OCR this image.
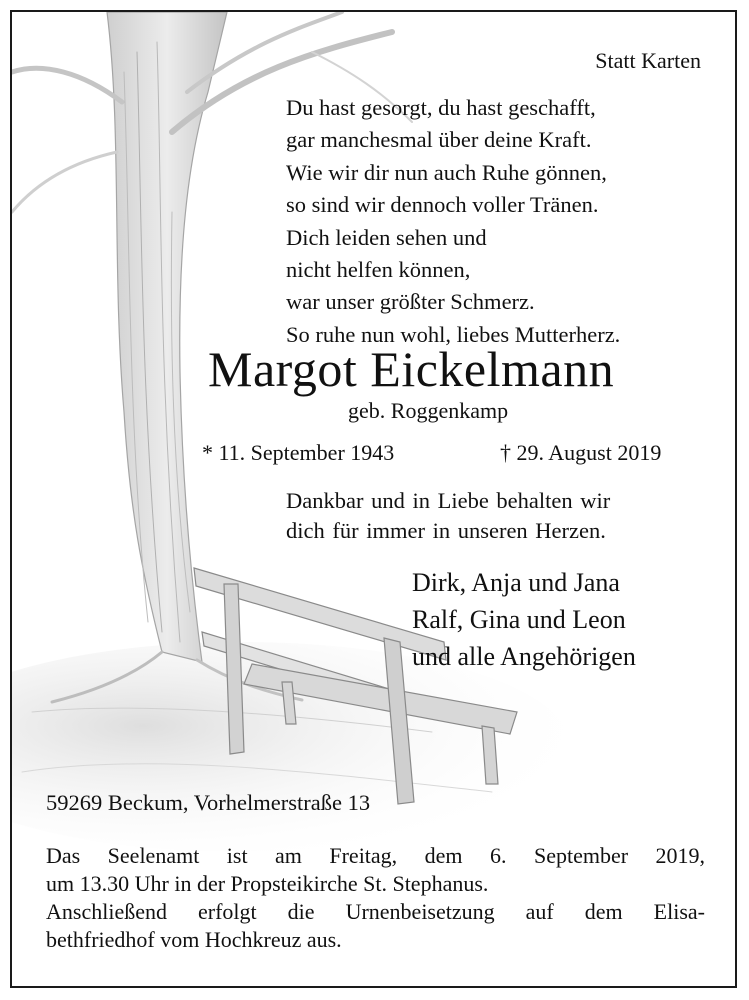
Statt Karten
Du hast gesorgt, du hast geschafft,
gar manchesmal über deine Kraft.
Wie wir dir nun auch Ruhe gönnen,
so sind wir dennoch voller Tränen.
Dich leiden sehen und
nicht helfen können,
war unser größter Schmerz.
So ruhe nun wohl, liebes Mutterherz.
Margot Eickelmann
geb. Roggenkamp
* 11. September 1943	† 29. August 2019
Dankbar und in Liebe behalten wir
dich für immer in unseren Herzen.
Dirk, Anja und Jana
Ralf, Gina und Leon
und alle Angehörigen
59269 Beckum, Vorhelmerstraße 13
Das Seelenamt ist am Freitag, dem 6. September 2019,
um 13.30 Uhr in der Propsteikirche St. Stephanus.
Anschließend erfolgt die Urnenbeisetzung auf dem Elisa-
bethfriedhof vom Hochkreuz aus.
